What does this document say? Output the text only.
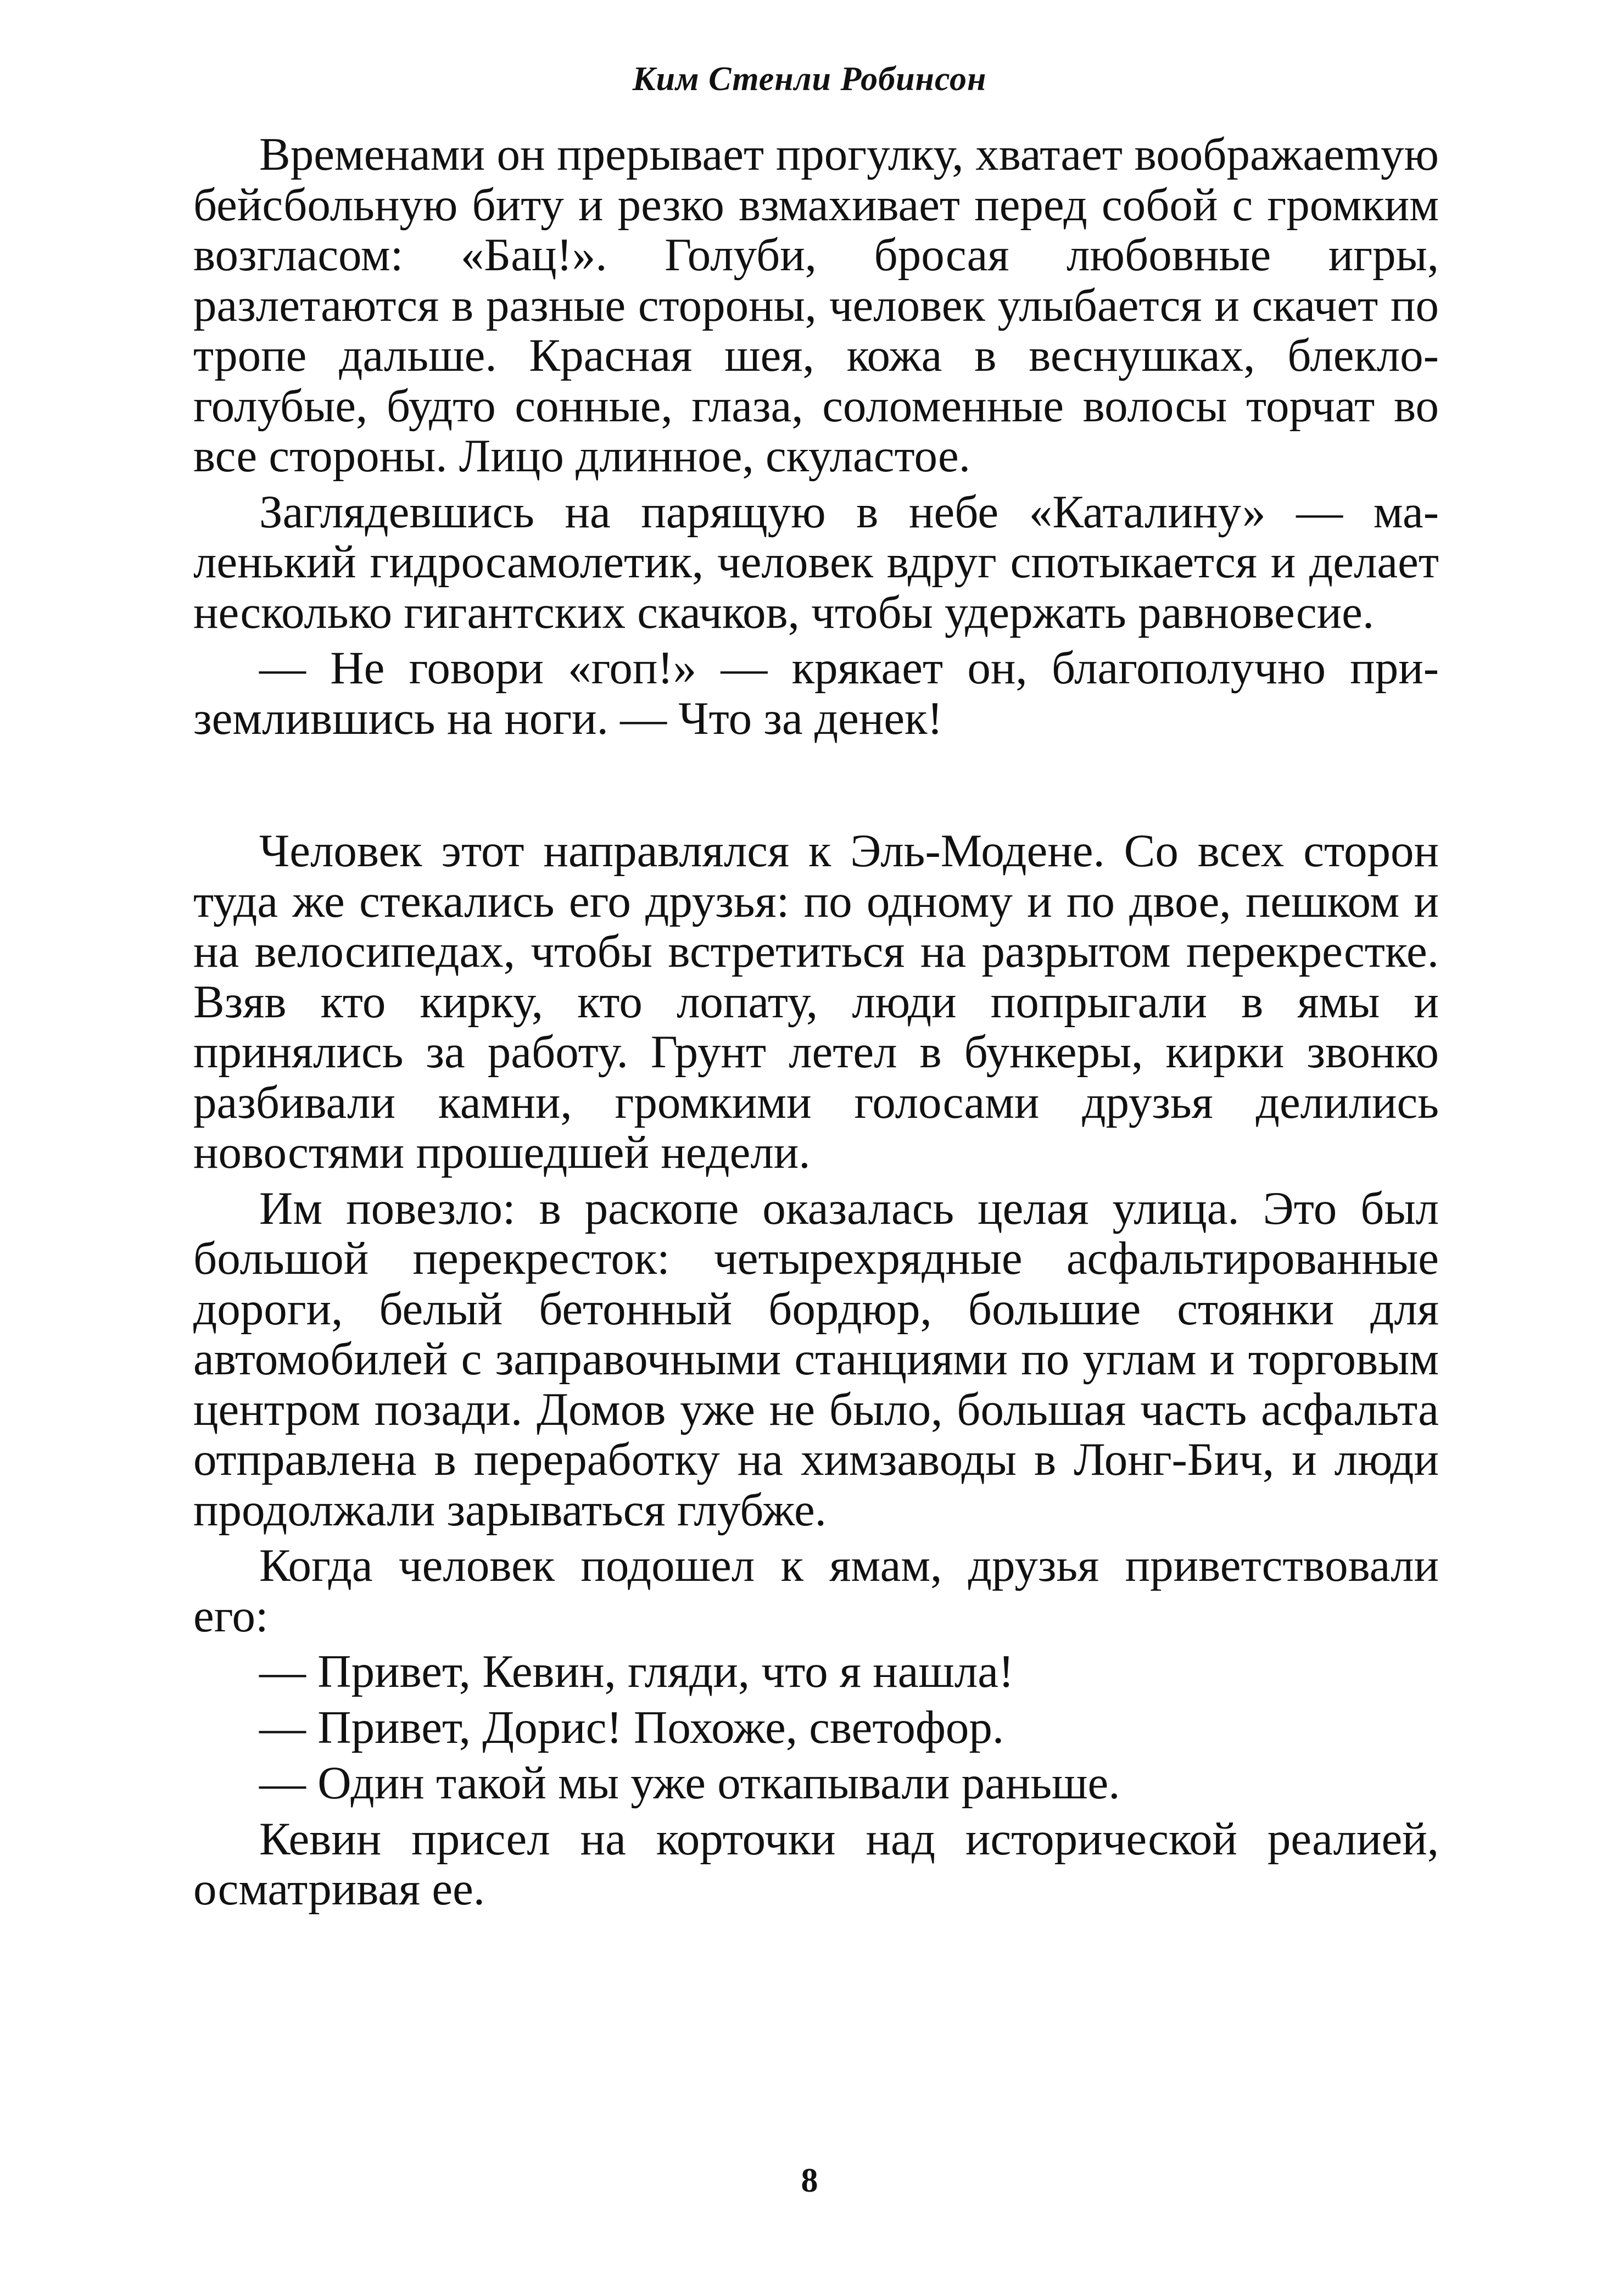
Ким Стенли Робинсон

Временами он прерывает прогулку, хватает воображаemую бейсбольную биту и резко взмахивает перед собой с громким возгласом: «Бац!». Голуби, бросая любовные игры, разлетаются в разные стороны, человек улыбается и скачет по тропе дальше. Красная шея, кожа в веснушках, блекло-голубые, будто сонные, глаза, соломенные волосы торчат во все стороны. Лицо длинное, скуластое.

Заглядевшись на парящую в небе «Каталину» — маленький гидросамолетик, человек вдруг спотыкается и делает несколько гигантских скачков, чтобы удержать равновесие.

— Не говори «гоп!» — крякает он, благополучно приземлившись на ноги. — Что за денек!

Человек этот направлялся к Эль-Модене. Со всех сторон туда же стекались его друзья: по одному и по двое, пешком и на велосипедах, чтобы встретиться на разрытом перекрестке. Взяв кто кирку, кто лопату, люди попрыгали в ямы и принялись за работу. Грунт летел в бункеры, кирки звонко разбивали камни, громкими голосами друзья делились новостями прошедшей недели.

Им повезло: в раскопе оказалась целая улица. Это был большой перекресток: четырехрядные асфальтированные дороги, белый бетонный бордюр, большие стоянки для автомобилей с заправочными станциями по углам и торговым центром позади. Домов уже не было, большая часть асфальта отправлена в переработку на химзаводы в Лонг-Бич, и люди продолжали зарываться глубже.

Когда человек подошел к ямам, друзья приветствовали его:

— Привет, Кевин, гляди, что я нашла!

— Привет, Дорис! Похоже, светофор.

— Один такой мы уже откапывали раньше.

Кевин присел на корточки над исторической реалией, осматривая ее.

8
